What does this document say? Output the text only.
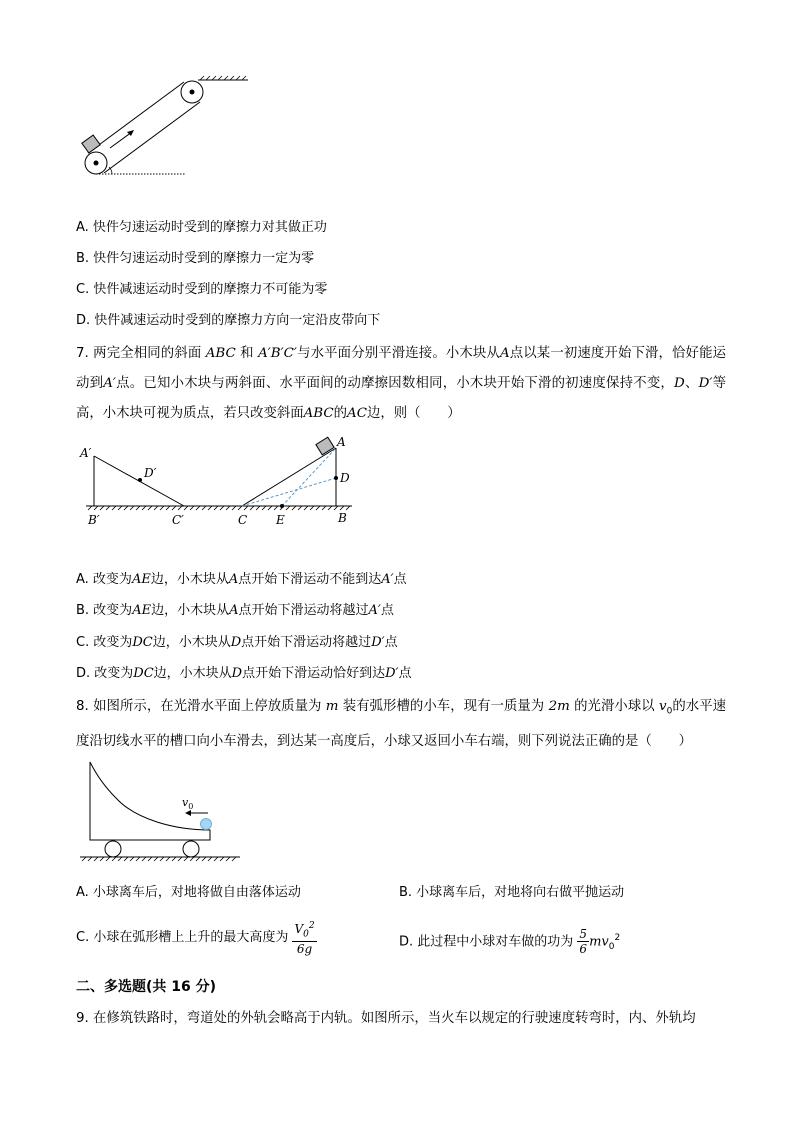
A. 快件匀速运动时受到的摩擦力对其做正功
B. 快件匀速运动时受到的摩擦力一定为零
C. 快件减速运动时受到的摩擦力不可能为零
D. 快件减速运动时受到的摩擦力方向一定沿皮带向下
7. 两完全相同的斜面 ABC 和 A′B′C′与水平面分别平滑连接。小木块从A点以某一初速度开始下滑，恰好能运动到A′点。已知小木块与两斜面、水平面间的动摩擦因数相同，小木块开始下滑的初速度保持不变，D、D′等高，小木块可视为质点，若只改变斜面ABC的AC边，则（　　）
A′
D′
B′	C′	C E	B
A
D
A. 改变为AE边，小木块从A点开始下滑运动不能到达A′点
B. 改变为AE边，小木块从A点开始下滑运动将越过A′点
C. 改变为DC边，小木块从D点开始下滑运动将越过D′点
D. 改变为DC边，小木块从D点开始下滑运动恰好到达D′点
8. 如图所示，在光滑水平面上停放质量为 m 装有弧形槽的小车，现有一质量为 2m 的光滑小球以 $v_0$的水平速度沿切线水平的槽口向小车滑去，到达某一高度后，小球又返回小车右端，则下列说法正确的是（　　）
$v_0$
A. 小球离车后，对地将做自由落体运动	B. 小球离车后，对地将向右做平抛运动
C. 小球在弧形槽上上升的最大高度为 $\frac{V_0^2}{6g}$	D. 此过程中小球对车做的功为 $\frac{5}{6} mv_0^2$
二、多选题(共 16 分)
9. 在修筑铁路时，弯道处的外轨会略高于内轨。如图所示，当火车以规定的行驶速度转弯时，内、外轨均
